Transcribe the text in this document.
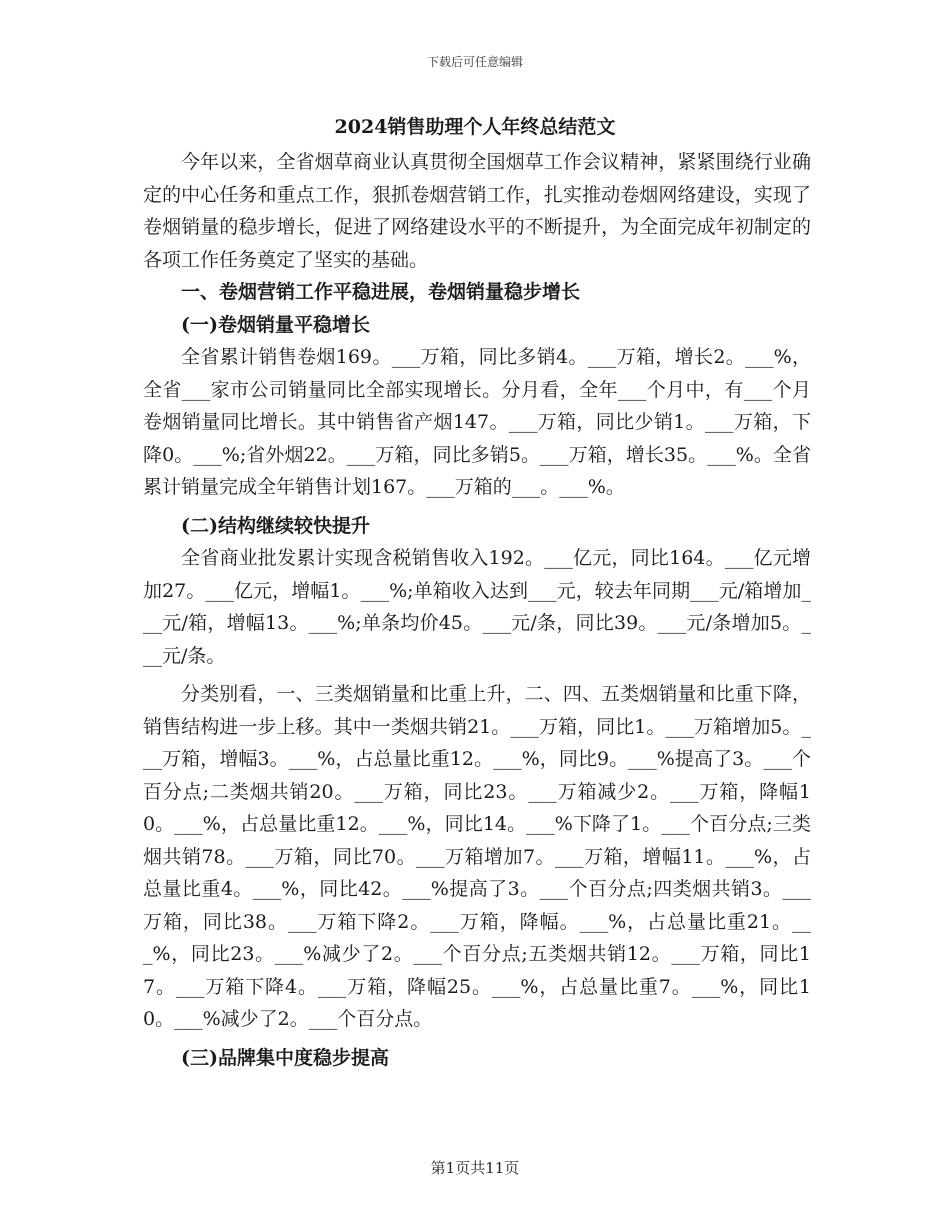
下载后可任意编辑
2024销售助理个人年终总结范文

今年以来，全省烟草商业认真贯彻全国烟草工作会议精神，紧紧围绕行业确定的中心任务和重点工作，狠抓卷烟营销工作，扎实推动卷烟网络建设，实现了卷烟销量的稳步增长，促进了网络建设水平的不断提升，为全面完成年初制定的各项工作任务奠定了坚实的基础。

一、卷烟营销工作平稳进展，卷烟销量稳步增长
(一)卷烟销量平稳增长

全省累计销售卷烟169。___万箱，同比多销4。___万箱，增长2。___%，全省___家市公司销量同比全部实现增长。分月看，全年___个月中，有___个月卷烟销量同比增长。其中销售省产烟147。___万箱，同比少销1。___万箱，下降0。___%;省外烟22。___万箱，同比多销5。___万箱，增长35。___%。全省累计销量完成全年销售计划167。___万箱的___。___%。

(二)结构继续较快提升

全省商业批发累计实现含税销售收入192。___亿元，同比164。___亿元增加27。___亿元，增幅1。___%;单箱收入达到___元，较去年同期___元/箱增加___元/箱，增幅13。___%;单条均价45。___元/条，同比39。___元/条增加5。___元/条。

分类别看，一、三类烟销量和比重上升，二、四、五类烟销量和比重下降，销售结构进一步上移。其中一类烟共销21。___万箱，同比1。___万箱增加5。___万箱，增幅3。___%，占总量比重12。___%，同比9。___%提高了3。___个百分点;二类烟共销20。___万箱，同比23。___万箱减少2。___万箱，降幅10。___%，占总量比重12。___%，同比14。___%下降了1。___个百分点;三类烟共销78。___万箱，同比70。___万箱增加7。___万箱，增幅11。___%，占总量比重4。___%，同比42。___%提高了3。___个百分点;四类烟共销3。___万箱，同比38。___万箱下降2。___万箱，降幅。___%，占总量比重21。___%，同比23。___%减少了2。___个百分点;五类烟共销12。___万箱，同比17。___万箱下降4。___万箱，降幅25。___%，占总量比重7。___%，同比10。___%减少了2。___个百分点。

(三)品牌集中度稳步提高
第1页共11页
